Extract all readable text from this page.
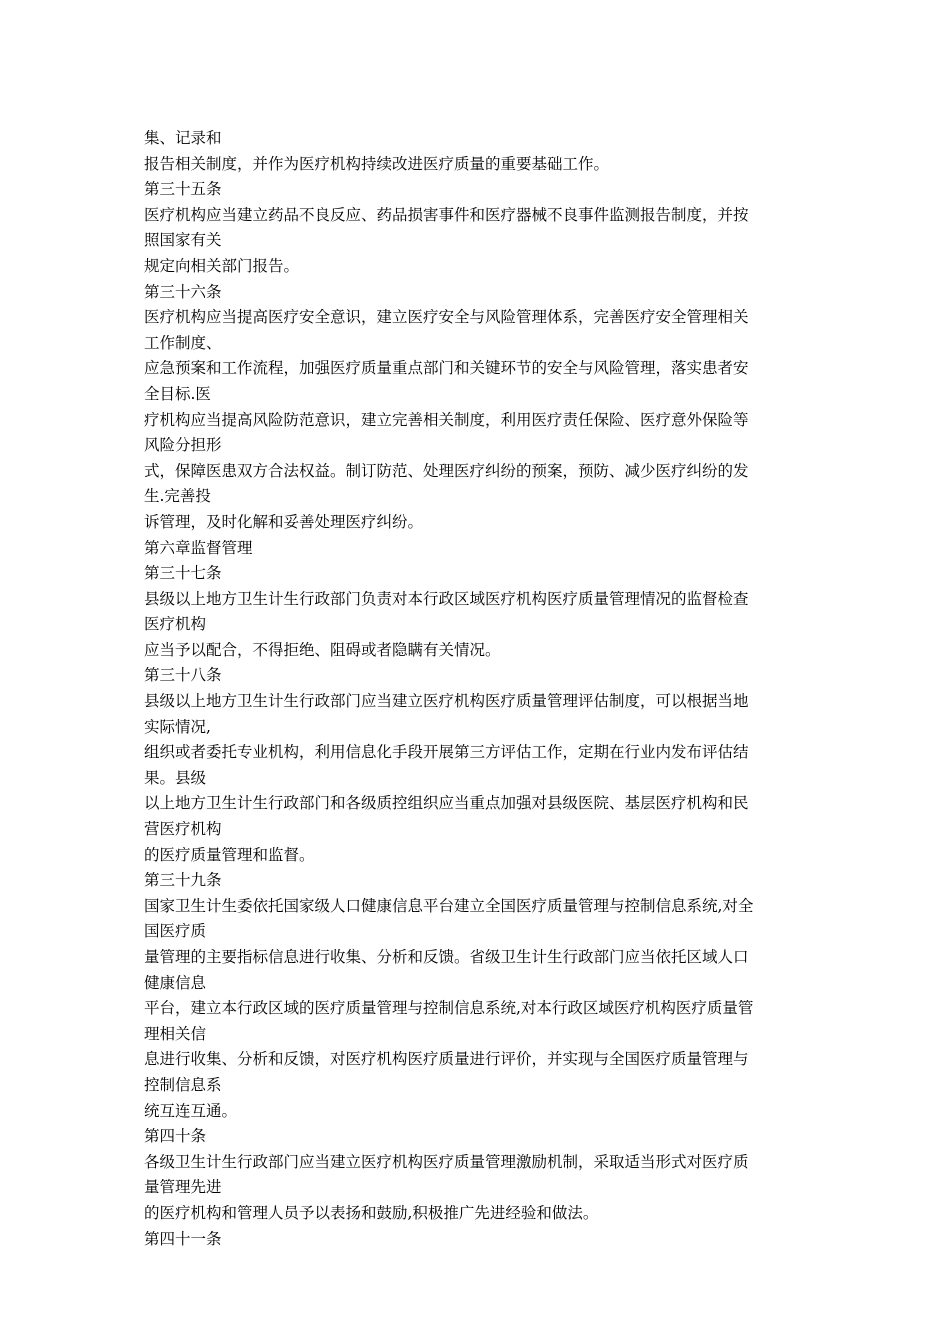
集、记录和
报告相关制度，并作为医疗机构持续改进医疗质量的重要基础工作。
第三十五条
医疗机构应当建立药品不良反应、药品损害事件和医疗器械不良事件监测报告制度，并按
照国家有关
规定向相关部门报告。
第三十六条
医疗机构应当提高医疗安全意识，建立医疗安全与风险管理体系，完善医疗安全管理相关
工作制度、
应急预案和工作流程，加强医疗质量重点部门和关键环节的安全与风险管理，落实患者安
全目标.医
疗机构应当提高风险防范意识，建立完善相关制度，利用医疗责任保险、医疗意外保险等
风险分担形
式，保障医患双方合法权益。制订防范、处理医疗纠纷的预案，预防、减少医疗纠纷的发
生.完善投
诉管理，及时化解和妥善处理医疗纠纷。
第六章监督管理
第三十七条
县级以上地方卫生计生行政部门负责对本行政区域医疗机构医疗质量管理情况的监督检查
医疗机构
应当予以配合，不得拒绝、阻碍或者隐瞒有关情况。
第三十八条
县级以上地方卫生计生行政部门应当建立医疗机构医疗质量管理评估制度，可以根据当地
实际情况,
组织或者委托专业机构，利用信息化手段开展第三方评估工作，定期在行业内发布评估结
果。县级
以上地方卫生计生行政部门和各级质控组织应当重点加强对县级医院、基层医疗机构和民
营医疗机构
的医疗质量管理和监督。
第三十九条
国家卫生计生委依托国家级人口健康信息平台建立全国医疗质量管理与控制信息系统,对全
国医疗质
量管理的主要指标信息进行收集、分析和反馈。省级卫生计生行政部门应当依托区域人口
健康信息
平台，建立本行政区域的医疗质量管理与控制信息系统,对本行政区域医疗机构医疗质量管
理相关信
息进行收集、分析和反馈，对医疗机构医疗质量进行评价，并实现与全国医疗质量管理与
控制信息系
统互连互通。
第四十条
各级卫生计生行政部门应当建立医疗机构医疗质量管理激励机制，采取适当形式对医疗质
量管理先进
的医疗机构和管理人员予以表扬和鼓励,积极推广先进经验和做法。
第四十一条
